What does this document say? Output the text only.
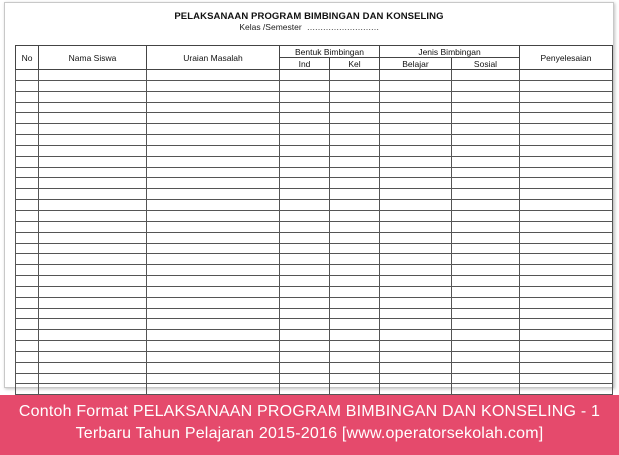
PELAKSANAAN PROGRAM BIMBINGAN DAN KONSELING
Kelas /Semester ………………………
No	Nama Siswa	Uraian Masalah	Bentuk Bimbingan		Jenis Bimbingan		Penyelesaian
			Ind	Kel	Belajar	Sosial	

Contoh Format PELAKSANAAN PROGRAM BIMBINGAN DAN KONSELING - 1
Terbaru Tahun Pelajaran 2015-2016 [www.operatorsekolah.com]
